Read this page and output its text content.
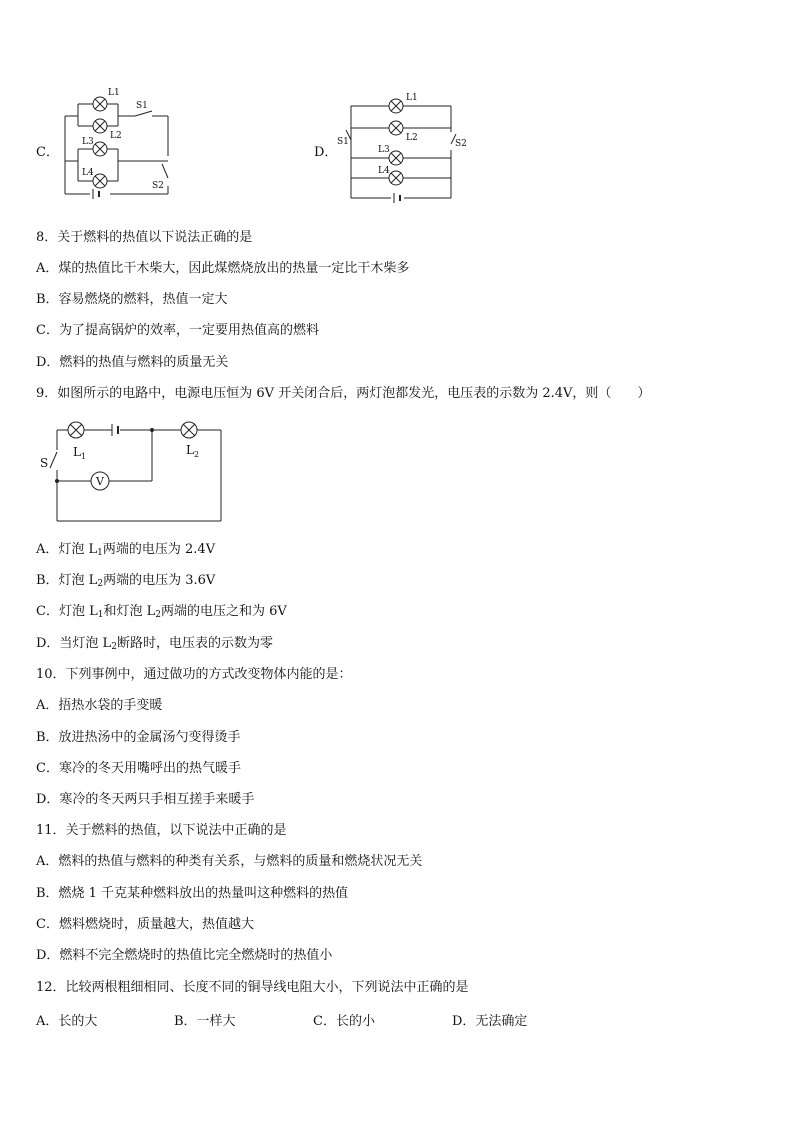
C．
L1
S1
L2
L3
L4
S2
D．
L1
S1	L2
S2
L3
L4
8．关于燃料的热值以下说法正确的是
A．煤的热值比干木柴大，因此煤燃烧放出的热量一定比干木柴多
B．容易燃烧的燃料，热值一定大
C．为了提高锅炉的效率，一定要用热值高的燃料
D．燃料的热值与燃料的质量无关
9．如图所示的电路中，电源电压恒为 6V 开关闭合后，两灯泡都发光，电压表的示数为 2.4V，则（　　）
V
S
$L_1$	$L_2$
A．灯泡 $L_1$两端的电压为 2.4V
B．灯泡 $L_2$两端的电压为 3.6V
C．灯泡 $L_1$和灯泡 $L_2$两端的电压之和为 6V
D．当灯泡 $L_2$断路时，电压表的示数为零
10．下列事例中，通过做功的方式改变物体内能的是：
A．捂热水袋的手变暖
B．放进热汤中的金属汤勺变得烫手
C．寒冷的冬天用嘴呼出的热气暖手
D．寒冷的冬天两只手相互搓手来暖手
11．关于燃料的热值，以下说法中正确的是
A．燃料的热值与燃料的种类有关系，与燃料的质量和燃烧状况无关
B．燃烧 1 千克某种燃料放出的热量叫这种燃料的热值
C．燃料燃烧时，质量越大，热值越大
D．燃料不完全燃烧时的热值比完全燃烧时的热值小
12．比较两根粗细相同、长度不同的铜导线电阻大小，下列说法中正确的是
A．长的大	B．一样大	C．长的小	D．无法确定
